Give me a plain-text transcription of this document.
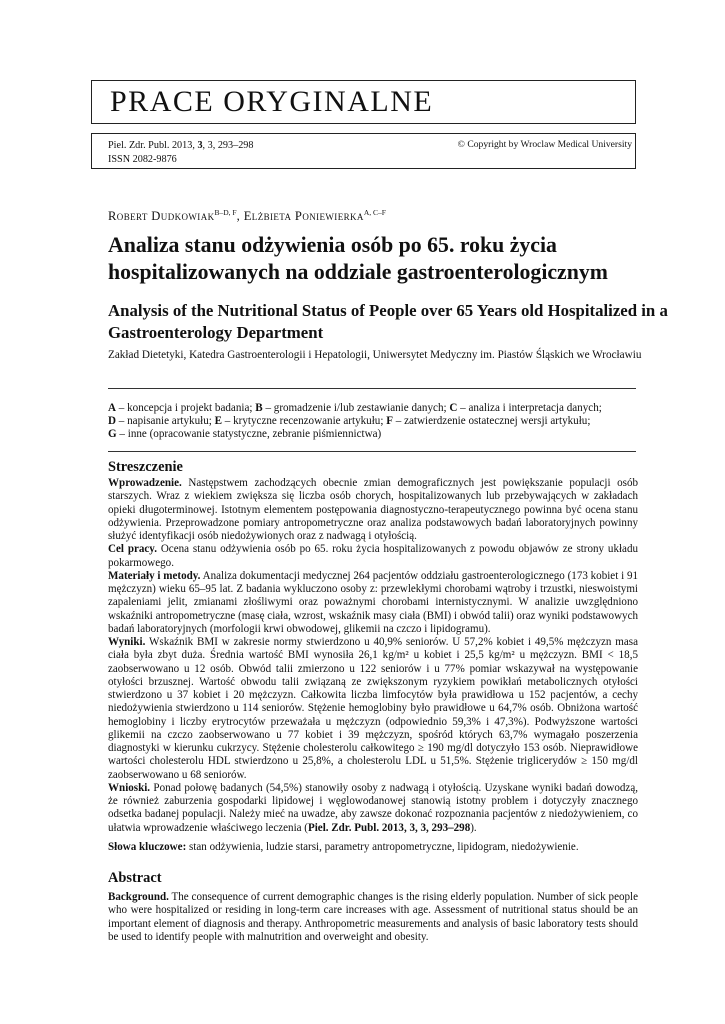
PRACE ORYGINALNE
Piel. Zdr. Publ. 2013, 3, 3, 293–298
ISSN 2082-9876
© Copyright by Wroclaw Medical University
Robert Dudkowiak$^{B-D, F}$, Elżbieta Poniewierka$^{A, C-F}$
Analiza stanu odżywienia osób po 65. roku życia hospitalizowanych na oddziale gastroenterologicznym
Analysis of the Nutritional Status of People over 65 Years old Hospitalized in a Gastroenterology Department
Zakład Dietetyki, Katedra Gastroenterologii i Hepatologii, Uniwersytet Medyczny im. Piastów Śląskich we Wrocławiu
A – koncepcja i projekt badania; B – gromadzenie i/lub zestawianie danych; C – analiza i interpretacja danych;
D – napisanie artykułu; E – krytyczne recenzowanie artykułu; F – zatwierdzenie ostatecznej wersji artykułu;
G – inne (opracowanie statystyczne, zebranie piśmiennictwa)
Streszczenie

Wprowadzenie. Następstwem zachodzących obecnie zmian demograficznych jest powiększanie populacji osób starszych. Wraz z wiekiem zwiększa się liczba osób chorych, hospitalizowanych lub przebywających w zakładach opieki długoterminowej. Istotnym elementem postępowania diagnostyczno-terapeutycznego powinna być ocena stanu odżywienia. Przeprowadzone pomiary antropometryczne oraz analiza podstawowych badań laboratoryjnych powinny służyć identyfikacji osób niedożywionych oraz z nadwagą i otyłością.

Cel pracy. Ocena stanu odżywienia osób po 65. roku życia hospitalizowanych z powodu objawów ze strony układu pokarmowego.

Materiały i metody. Analiza dokumentacji medycznej 264 pacjentów oddziału gastroenterologicznego (173 kobiet i 91 mężczyzn) wieku 65–95 lat. Z badania wykluczono osoby z: przewlekłymi chorobami wątroby i trzustki, nieswoistymi zapaleniami jelit, zmianami złośliwymi oraz poważnymi chorobami internistycznymi. W analizie uwzględniono wskaźniki antropometryczne (masę ciała, wzrost, wskaźnik masy ciała (BMI) i obwód talii) oraz wyniki podstawowych badań laboratoryjnych (morfologii krwi obwodowej, glikemii na czczo i lipidogramu).

Wyniki. Wskaźnik BMI w zakresie normy stwierdzono u 40,9% seniorów. U 57,2% kobiet i 49,5% mężczyzn masa ciała była zbyt duża. Średnia wartość BMI wynosiła 26,1 kg/m² u kobiet i 25,5 kg/m² u mężczyzn. BMI < 18,5 zaobserwowano u 12 osób. Obwód talii zmierzono u 122 seniorów i u 77% pomiar wskazywał na występowanie otyłości brzusznej. Wartość obwodu talii związaną ze zwiększonym ryzykiem powikłań metabolicznych otyłości stwierdzono u 37 kobiet i 20 mężczyzn. Całkowita liczba limfocytów była prawidłowa u 152 pacjentów, a cechy niedożywienia stwierdzono u 114 seniorów. Stężenie hemoglobiny było prawidłowe u 64,7% osób. Obniżona wartość hemoglobiny i liczby erytrocytów przeważała u mężczyzn (odpowiednio 59,3% i 47,3%). Podwyższone wartości glikemii na czczo zaobserwowano u 77 kobiet i 39 mężczyzn, spośród których 63,7% wymagało poszerzenia diagnostyki w kierunku cukrzycy. Stężenie cholesterolu całkowitego ≥ 190 mg/dl dotyczyło 153 osób. Nieprawidłowe wartości cholesterolu HDL stwierdzono u 25,8%, a cholesterolu LDL u 51,5%. Stężenie triglicerydów ≥ 150 mg/dl zaobserwowano u 68 seniorów.

Wnioski. Ponad połowę badanych (54,5%) stanowiły osoby z nadwagą i otyłością. Uzyskane wyniki badań dowodzą, że również zaburzenia gospodarki lipidowej i węglowodanowej stanowią istotny problem i dotyczyły znacznego odsetka badanej populacji. Należy mieć na uwadze, aby zawsze dokonać rozpoznania pacjentów z niedożywieniem, co ułatwia wprowadzenie właściwego leczenia (Piel. Zdr. Publ. 2013, 3, 3, 293–298).

Słowa kluczowe: stan odżywienia, ludzie starsi, parametry antropometryczne, lipidogram, niedożywienie.

Abstract

Background. The consequence of current demographic changes is the rising elderly population. Number of sick people who were hospitalized or residing in long-term care increases with age. Assessment of nutritional status should be an important element of diagnosis and therapy. Anthropometric measurements and analysis of basic laboratory tests should be used to identify people with malnutrition and overweight and obesity.
